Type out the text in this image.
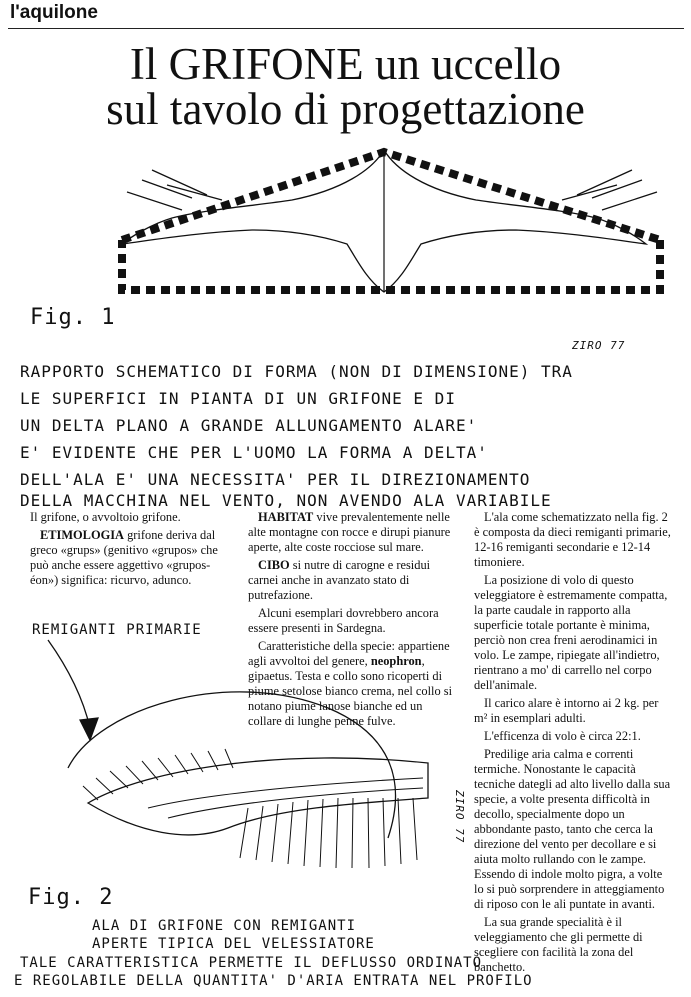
l'aquilone
Il GRIFONE un uccello
sul tavolo di progettazione
Fig. 1
ZIRO 77
RAPPORTO SCHEMATICO DI FORMA (NON DI DIMENSIONE) TRA
LE SUPERFICI IN PIANTA DI UN GRIFONE E DI
UN DELTA PLANO A GRANDE ALLUNGAMENTO ALARE'
E' EVIDENTE CHE PER L'UOMO LA FORMA A DELTA'
DELL'ALA E' UNA NECESSITA' PER IL DIREZIONAMENTO
DELLA MACCHINA NEL VENTO, NON AVENDO ALA VARIABILE

Il grifone, o avvoltoio grifone.

ETIMOLOGIA grifone deriva dal greco «grups» (genitivo «grupos» che può anche essere aggettivo «grupos-éon») significa: ricurvo, adunco.

HABITAT vive prevalentemente nelle alte montagne con rocce e dirupi pianure aperte, alte coste rocciose sul mare.

CIBO si nutre di carogne e residui carnei anche in avanzato stato di putrefazione.

Alcuni esemplari dovrebbero ancora essere presenti in Sardegna.

Caratteristiche della specie: appartiene agli avvoltoi del genere, neophron, gipaetus. Testa e collo sono ricoperti di piume setolose bianco crema, nel collo si notano piume lanose bianche ed un collare di lunghe penne fulve.

L'ala come schematizzato nella fig. 2 è composta da dieci remiganti primarie, 12-16 remiganti secondarie e 12-14 timoniere.

La posizione di volo di questo veleggiatore è estremamente compatta, la parte caudale in rapporto alla superficie totale portante è minima, perciò non crea freni aerodinamici in volo. Le zampe, ripiegate all'indietro, rientrano a mo' di carrello nel corpo dell'animale.

Il carico alare è intorno ai 2 kg. per m² in esemplari adulti.

L'efficenza di volo è circa 22:1.

Predilige aria calma e correnti termiche. Nonostante le capacità tecniche dategli ad alto livello dalla sua specie, a volte presenta difficoltà in decollo, specialmente dopo un abbondante pasto, tanto che cerca la direzione del vento per decollare e si aiuta molto rullando con le zampe. Essendo di indole molto pigra, a volte lo si può sorprendere in atteggiamento di riposo con le ali puntate in avanti.

La sua grande specialità è il veleggiamento che gli permette di scegliere con facilità la zona del banchetto.

REMIGANTI PRIMARIE
ZIRO 77
Fig. 2
ALA DI GRIFONE CON REMIGANTI
APERTE TIPICA DEL VELESSIATORE
TALE CARATTERISTICA PERMETTE IL DEFLUSSO ORDINATO
E REGOLABILE DELLA QUANTITA' D'ARIA ENTRATA NEL PROFILO
